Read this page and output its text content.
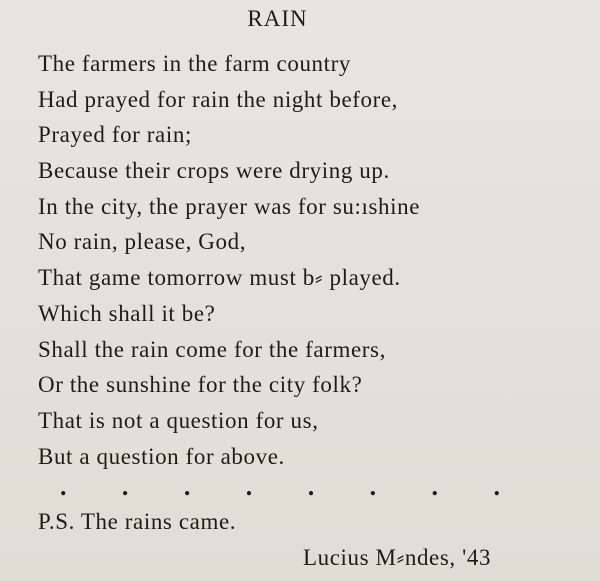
RAIN
The farmers in the farm country
Had prayed for rain the night before,
Prayed for rain;
Because their crops were drying up.
In the city, the prayer was for su:ıshine
No rain, please, God,
That game tomorrow must b⸗ played.
Which shall it be?
Shall the rain come for the farmers,
Or the sunshine for the city folk?
That is not a question for us,
But a question for above.
. . . . . . . .
P.S. The rains came.
Lucius M⸗ndes, '43
